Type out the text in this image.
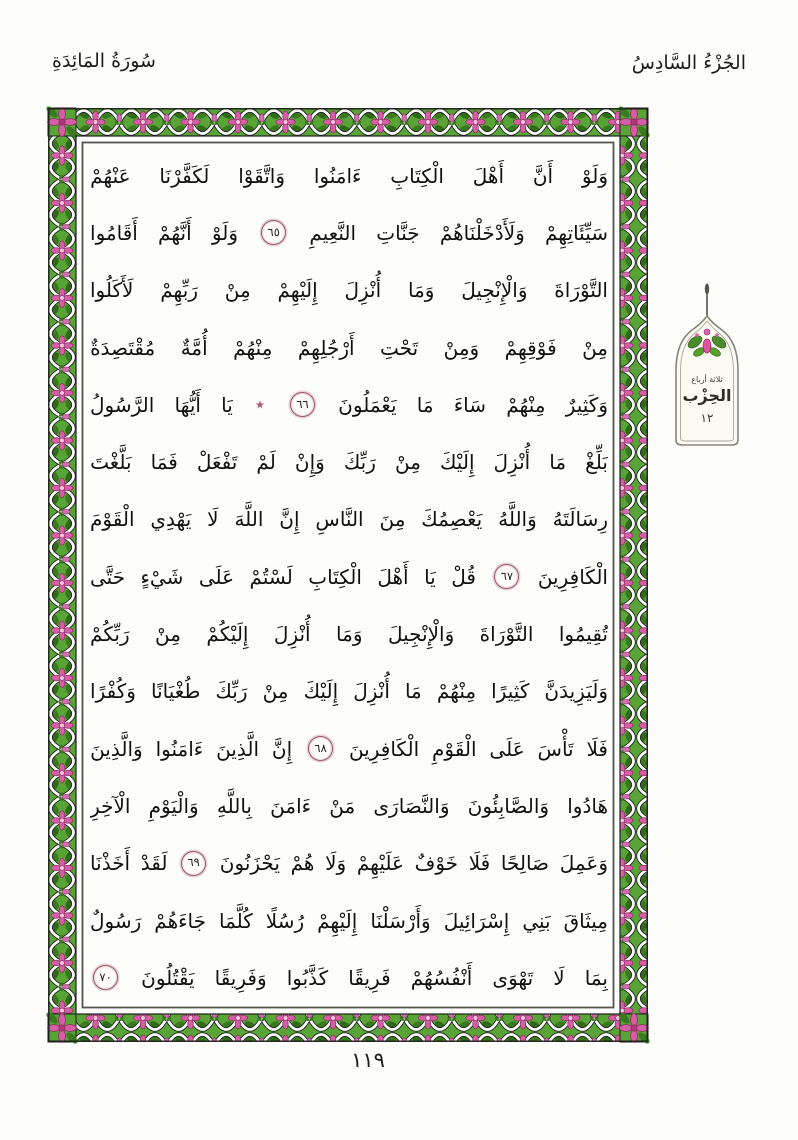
الجُزْءُ السَّادِسُ
سُورَةُ المَائِدَةِ
وَلَوْ
أَنَّ
أَهْلَ
الْكِتَابِ
ءَامَنُوا
وَاتَّقَوْا
لَكَفَّرْنَا
عَنْهُمْ
سَيِّئَاتِهِمْ
وَلَأَدْخَلْنَاهُمْ
جَنَّاتِ
النَّعِيمِ
٦٥
وَلَوْ
أَنَّهُمْ
أَقَامُوا
التَّوْرَاةَ
وَالْإِنْجِيلَ
وَمَا
أُنْزِلَ
إِلَيْهِمْ
مِنْ
رَبِّهِمْ
لَأَكَلُوا
مِنْ
فَوْقِهِمْ
وَمِنْ
تَحْتِ
أَرْجُلِهِمْ
مِنْهُمْ
أُمَّةٌ
مُقْتَصِدَةٌ
وَكَثِيرٌ
مِنْهُمْ
سَاءَ
مَا
يَعْمَلُونَ
٦٦
٭
يَا
أَيُّهَا
الرَّسُولُ
بَلِّغْ
مَا
أُنْزِلَ
إِلَيْكَ
مِنْ
رَبِّكَ
وَإِنْ
لَمْ
تَفْعَلْ
فَمَا
بَلَّغْتَ
رِسَالَتَهُ
وَاللَّهُ
يَعْصِمُكَ
مِنَ
النَّاسِ
إِنَّ
اللَّهَ
لَا
يَهْدِي
الْقَوْمَ
الْكَافِرِينَ
٦٧
قُلْ
يَا
أَهْلَ
الْكِتَابِ
لَسْتُمْ
عَلَى
شَيْءٍ
حَتَّى
تُقِيمُوا
التَّوْرَاةَ
وَالْإِنْجِيلَ
وَمَا
أُنْزِلَ
إِلَيْكُمْ
مِنْ
رَبِّكُمْ
وَلَيَزِيدَنَّ
كَثِيرًا
مِنْهُمْ
مَا
أُنْزِلَ
إِلَيْكَ
مِنْ
رَبِّكَ
طُغْيَانًا
وَكُفْرًا
فَلَا
تَأْسَ
عَلَى
الْقَوْمِ
الْكَافِرِينَ
٦٨
إِنَّ
الَّذِينَ
ءَامَنُوا
وَالَّذِينَ
هَادُوا
وَالصَّابِئُونَ
وَالنَّصَارَى
مَنْ
ءَامَنَ
بِاللَّهِ
وَالْيَوْمِ
الْآخِرِ
وَعَمِلَ
صَالِحًا
فَلَا
خَوْفٌ
عَلَيْهِمْ
وَلَا
هُمْ
يَحْزَنُونَ
٦٩
لَقَدْ
أَخَذْنَا
مِيثَاقَ
بَنِي
إِسْرَائِيلَ
وَأَرْسَلْنَا
إِلَيْهِمْ
رُسُلًا
كُلَّمَا
جَاءَهُمْ
رَسُولٌ
بِمَا
لَا
تَهْوَى
أَنْفُسُهُمْ
فَرِيقًا
كَذَّبُوا
وَفَرِيقًا
يَقْتُلُونَ
٧٠
ثلاثة أرباع
الحِزْب
١٢
١١٩
